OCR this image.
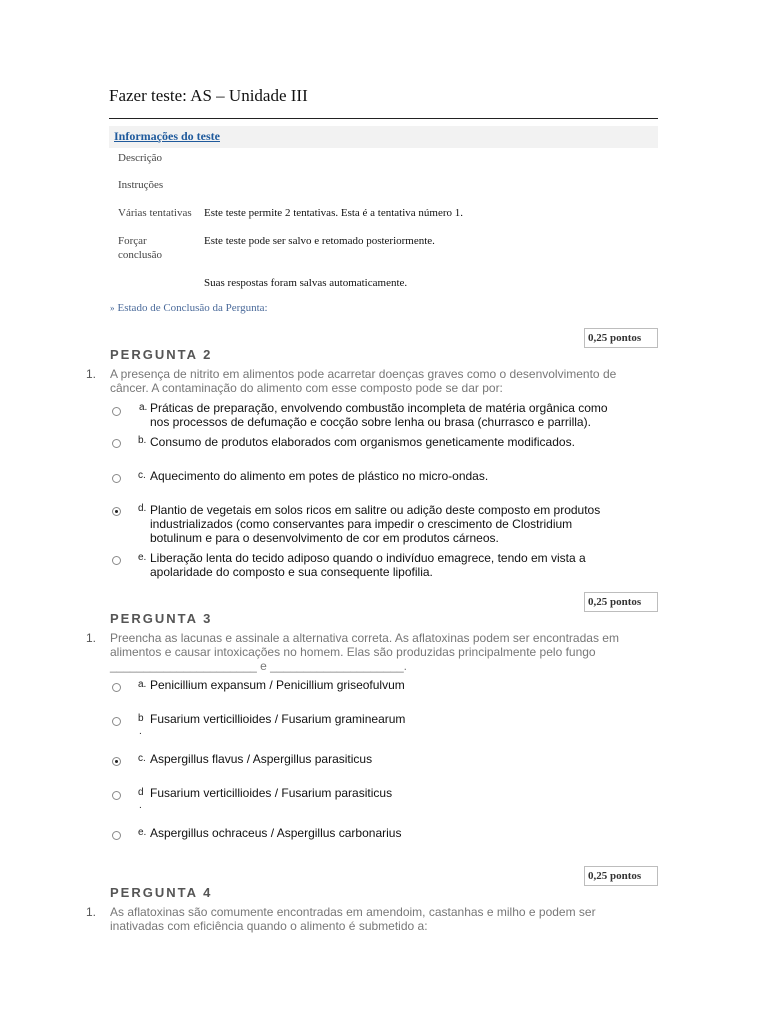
Fazer teste: AS – Unidade III
Informações do teste
Descrição
Instruções
Várias tentativas Este teste permite 2 tentativas. Esta é a tentativa número 1.
Forçar
conclusão
Este teste pode ser salvo e retomado posteriormente.
Suas respostas foram salvas automaticamente.
» Estado de Conclusão da Pergunta:
0,25 pontos
PERGUNTA 2
1. A presença de nitrito em alimentos pode acarretar doenças graves como o desenvolvimento de
câncer. A contaminação do alimento com esse composto pode se dar por:
a. Práticas de preparação, envolvendo combustão incompleta de matéria orgânica como
nos processos de defumação e cocção sobre lenha ou brasa (churrasco e parrilla).
b. Consumo de produtos elaborados com organismos geneticamente modificados.
c. Aquecimento do alimento em potes de plástico no micro-ondas.
d. Plantio de vegetais em solos ricos em salitre ou adição deste composto em produtos
industrializados (como conservantes para impedir o crescimento de Clostridium
botulinum e para o desenvolvimento de cor em produtos cárneos.
e. Liberação lenta do tecido adiposo quando o indivíduo emagrece, tendo em vista a
apolaridade do composto e sua consequente lipofilia.
0,25 pontos
PERGUNTA 3
1. Preencha as lacunas e assinale a alternativa correta. As aflatoxinas podem ser encontradas em
alimentos e causar intoxicações no homem. Elas são produzidas principalmente pelo fungo
______________________ e ____________________.
a. Penicillium expansum / Penicillium griseofulvum
b
.
Fusarium verticillioides / Fusarium graminearum
c. Aspergillus flavus / Aspergillus parasiticus
d
.
Fusarium verticillioides / Fusarium parasiticus
e. Aspergillus ochraceus / Aspergillus carbonarius
0,25 pontos
PERGUNTA 4
1. As aflatoxinas são comumente encontradas em amendoim, castanhas e milho e podem ser
inativadas com eficiência quando o alimento é submetido a:
